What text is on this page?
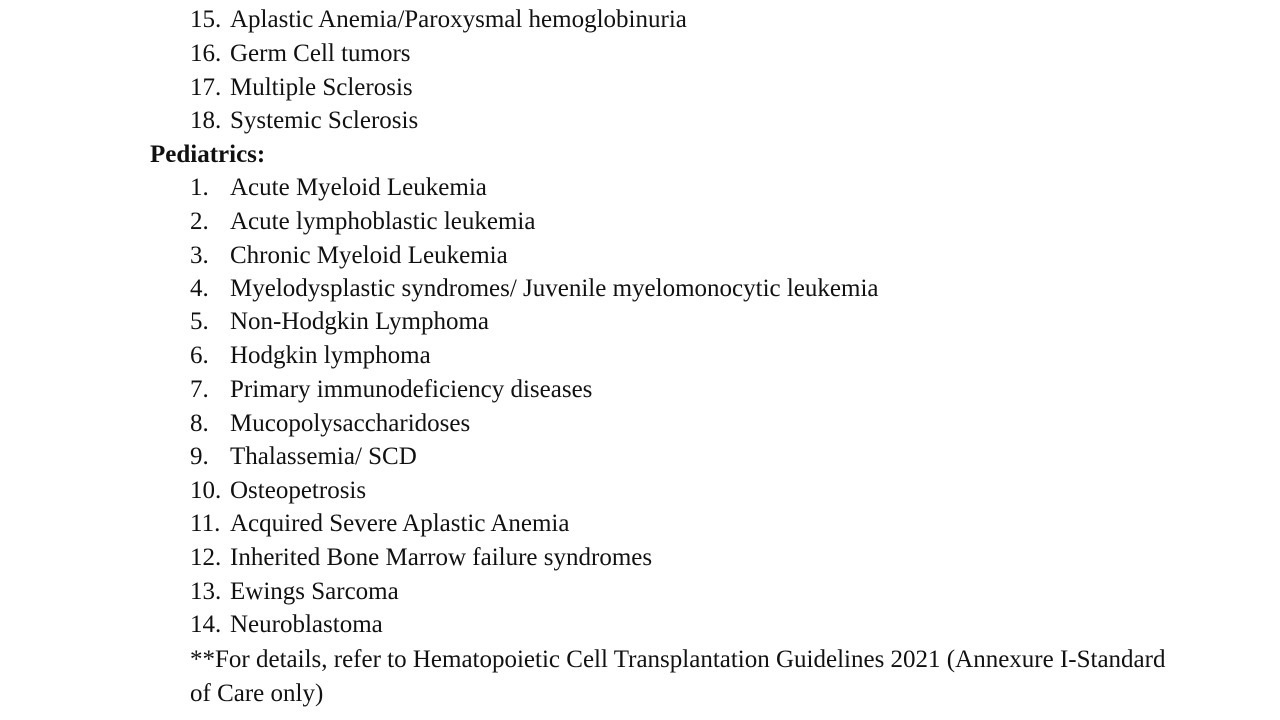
15. Aplastic Anemia/Paroxysmal hemoglobinuria
16. Germ Cell tumors
17. Multiple Sclerosis
18. Systemic Sclerosis
Pediatrics:
1. Acute Myeloid Leukemia
2. Acute lymphoblastic leukemia
3. Chronic Myeloid Leukemia
4. Myelodysplastic syndromes/ Juvenile myelomonocytic leukemia
5. Non-Hodgkin Lymphoma
6. Hodgkin lymphoma
7. Primary immunodeficiency diseases
8. Mucopolysaccharidoses
9. Thalassemia/ SCD
10. Osteopetrosis
11. Acquired Severe Aplastic Anemia
12. Inherited Bone Marrow failure syndromes
13. Ewings Sarcoma
14. Neuroblastoma
**For details, refer to Hematopoietic Cell Transplantation Guidelines 2021 (Annexure I-Standard of Care only)
